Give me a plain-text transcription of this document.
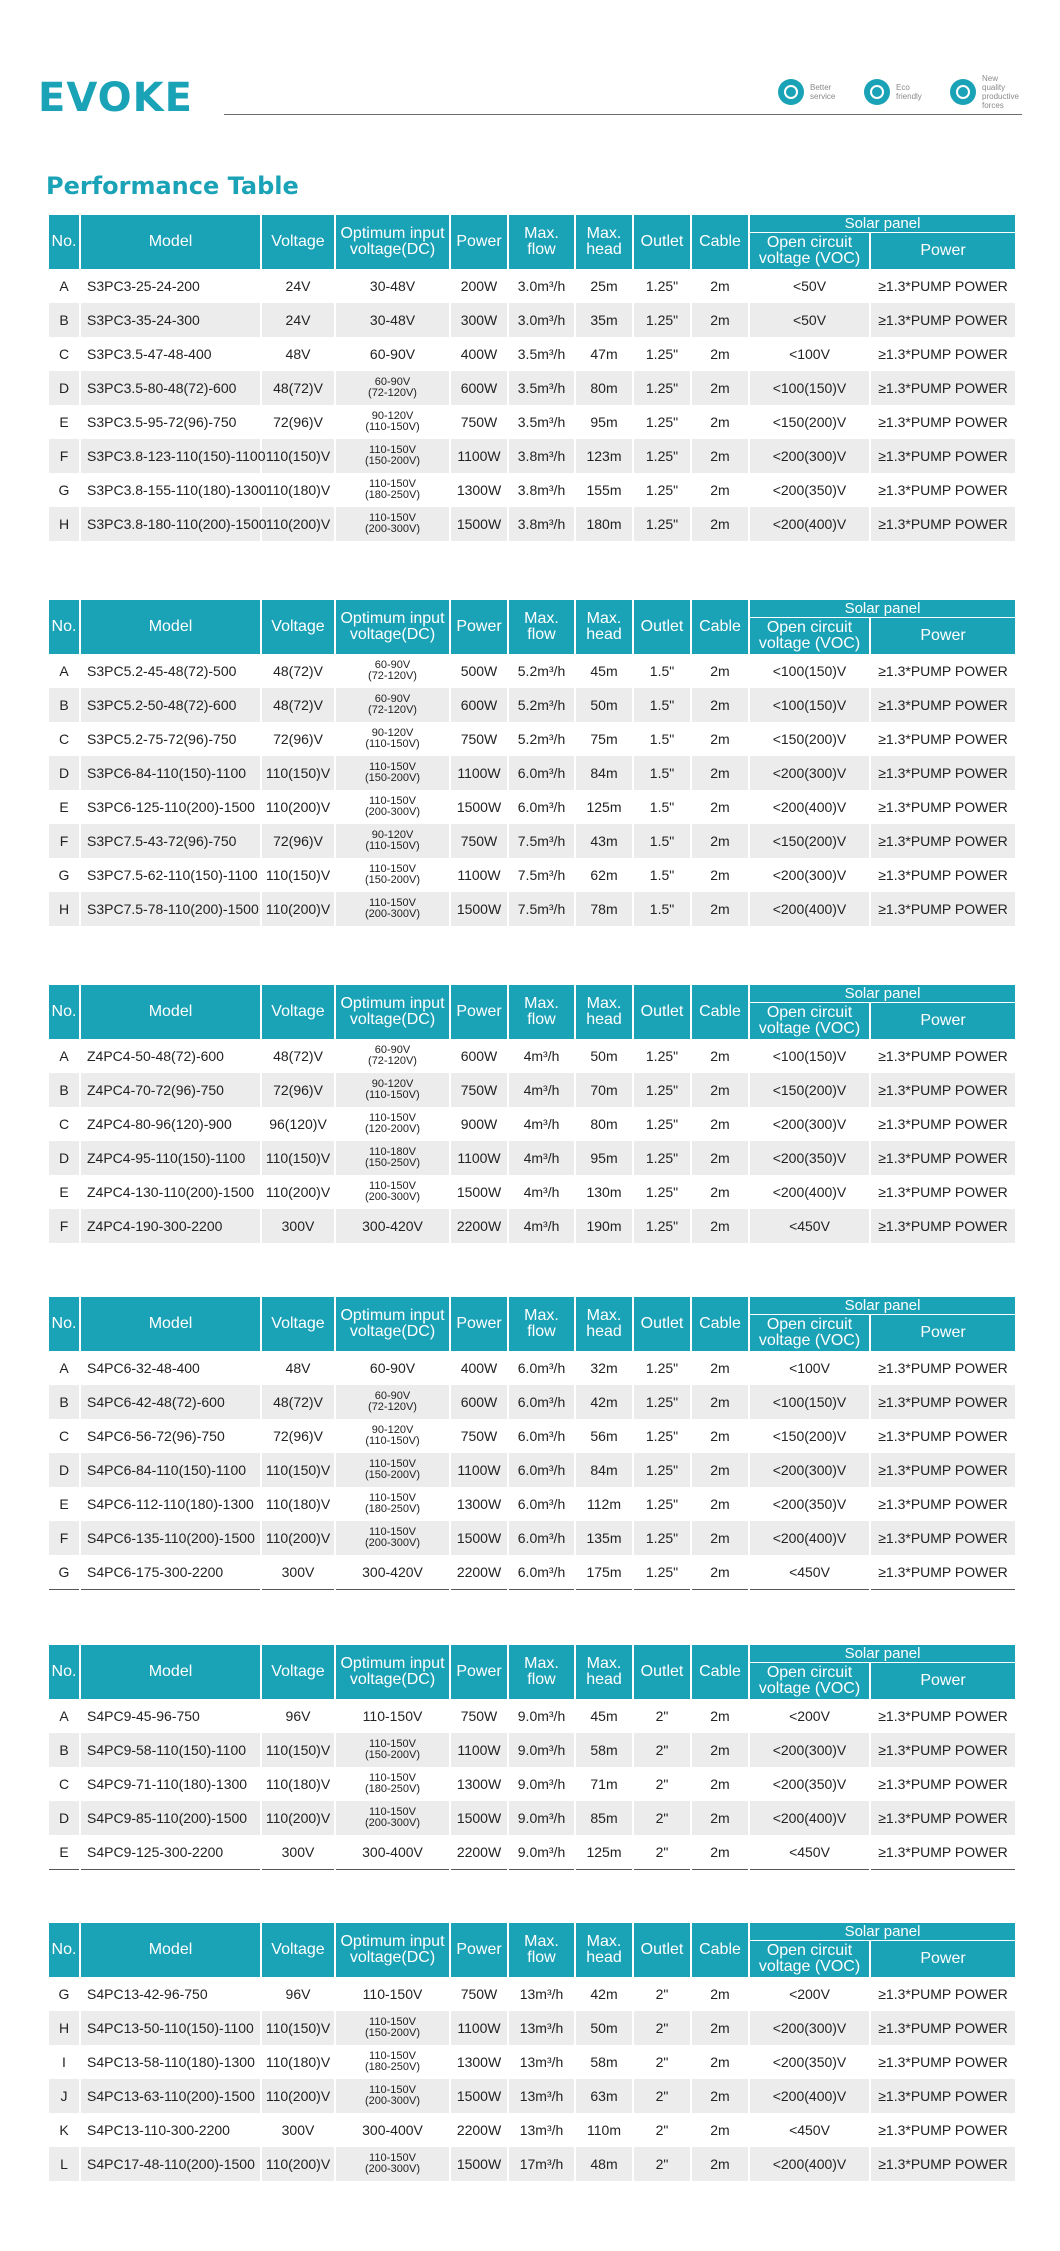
EVOKE	Better
service
Eco
friendly
New quality
productive
forces
Performance Table
No.	Model	Voltage	Optimum input
voltage(DC)	Power	Max.
flow	Max.
head	Outlet	Cable	Solar panel	
									Open circuit
voltage (VOC)	Power
A	S3PC3-25-24-200	24V	30-48V	200W	3.0m³/h	25m	1.25"	2m	<50V	≥1.3*PUMP POWER
B	S3PC3-35-24-300	24V	30-48V	300W	3.0m³/h	35m	1.25"	2m	<50V	≥1.3*PUMP POWER
C	S3PC3.5-47-48-400	48V	60-90V	400W	3.5m³/h	47m	1.25"	2m	<100V	≥1.3*PUMP POWER
D	S3PC3.5-80-48(72)-600	48(72)V	60-90V
(72-120V)	600W	3.5m³/h	80m	1.25"	2m	<100(150)V	≥1.3*PUMP POWER
E	S3PC3.5-95-72(96)-750	72(96)V	90-120V
(110-150V)	750W	3.5m³/h	95m	1.25"	2m	<150(200)V	≥1.3*PUMP POWER
F	S3PC3.8-123-110(150)-1100	110(150)V	110-150V
(150-200V)	1100W	3.8m³/h	123m	1.25"	2m	<200(300)V	≥1.3*PUMP POWER
G	S3PC3.8-155-110(180)-1300	110(180)V	110-150V
(180-250V)	1300W	3.8m³/h	155m	1.25"	2m	<200(350)V	≥1.3*PUMP POWER
H	S3PC3.8-180-110(200)-1500	110(200)V	110-150V
(200-300V)	1500W	3.8m³/h	180m	1.25"	2m	<200(400)V	≥1.3*PUMP POWER
No.	Model	Voltage	Optimum input
voltage(DC)	Power	Max.
flow	Max.
head	Outlet	Cable	Solar panel	
									Open circuit
voltage (VOC)	Power
A	S3PC5.2-45-48(72)-500	48(72)V	60-90V
(72-120V)	500W	5.2m³/h	45m	1.5"	2m	<100(150)V	≥1.3*PUMP POWER
B	S3PC5.2-50-48(72)-600	48(72)V	60-90V
(72-120V)	600W	5.2m³/h	50m	1.5"	2m	<100(150)V	≥1.3*PUMP POWER
C	S3PC5.2-75-72(96)-750	72(96)V	90-120V
(110-150V)	750W	5.2m³/h	75m	1.5"	2m	<150(200)V	≥1.3*PUMP POWER
D	S3PC6-84-110(150)-1100	110(150)V	110-150V
(150-200V)	1100W	6.0m³/h	84m	1.5"	2m	<200(300)V	≥1.3*PUMP POWER
E	S3PC6-125-110(200)-1500	110(200)V	110-150V
(200-300V)	1500W	6.0m³/h	125m	1.5"	2m	<200(400)V	≥1.3*PUMP POWER
F	S3PC7.5-43-72(96)-750	72(96)V	90-120V
(110-150V)	750W	7.5m³/h	43m	1.5"	2m	<150(200)V	≥1.3*PUMP POWER
G	S3PC7.5-62-110(150)-1100	110(150)V	110-150V
(150-200V)	1100W	7.5m³/h	62m	1.5"	2m	<200(300)V	≥1.3*PUMP POWER
H	S3PC7.5-78-110(200)-1500	110(200)V	110-150V
(200-300V)	1500W	7.5m³/h	78m	1.5"	2m	<200(400)V	≥1.3*PUMP POWER
No.	Model	Voltage	Optimum input
voltage(DC)	Power	Max.
flow	Max.
head	Outlet	Cable	Solar panel	
									Open circuit
voltage (VOC)	Power
A	Z4PC4-50-48(72)-600	48(72)V	60-90V
(72-120V)	600W	4m³/h	50m	1.25"	2m	<100(150)V	≥1.3*PUMP POWER
B	Z4PC4-70-72(96)-750	72(96)V	90-120V
(110-150V)	750W	4m³/h	70m	1.25"	2m	<150(200)V	≥1.3*PUMP POWER
C	Z4PC4-80-96(120)-900	96(120)V	110-150V
(120-200V)	900W	4m³/h	80m	1.25"	2m	<200(300)V	≥1.3*PUMP POWER
D	Z4PC4-95-110(150)-1100	110(150)V	110-180V
(150-250V)	1100W	4m³/h	95m	1.25"	2m	<200(350)V	≥1.3*PUMP POWER
E	Z4PC4-130-110(200)-1500	110(200)V	110-150V
(200-300V)	1500W	4m³/h	130m	1.25"	2m	<200(400)V	≥1.3*PUMP POWER
F	Z4PC4-190-300-2200	300V	300-420V	2200W	4m³/h	190m	1.25"	2m	<450V	≥1.3*PUMP POWER
No.	Model	Voltage	Optimum input
voltage(DC)	Power	Max.
flow	Max.
head	Outlet	Cable	Solar panel	
									Open circuit
voltage (VOC)	Power
A	S4PC6-32-48-400	48V	60-90V	400W	6.0m³/h	32m	1.25"	2m	<100V	≥1.3*PUMP POWER
B	S4PC6-42-48(72)-600	48(72)V	60-90V
(72-120V)	600W	6.0m³/h	42m	1.25"	2m	<100(150)V	≥1.3*PUMP POWER
C	S4PC6-56-72(96)-750	72(96)V	90-120V
(110-150V)	750W	6.0m³/h	56m	1.25"	2m	<150(200)V	≥1.3*PUMP POWER
D	S4PC6-84-110(150)-1100	110(150)V	110-150V
(150-200V)	1100W	6.0m³/h	84m	1.25"	2m	<200(300)V	≥1.3*PUMP POWER
E	S4PC6-112-110(180)-1300	110(180)V	110-150V
(180-250V)	1300W	6.0m³/h	112m	1.25"	2m	<200(350)V	≥1.3*PUMP POWER
F	S4PC6-135-110(200)-1500	110(200)V	110-150V
(200-300V)	1500W	6.0m³/h	135m	1.25"	2m	<200(400)V	≥1.3*PUMP POWER
G	S4PC6-175-300-2200	300V	300-420V	2200W	6.0m³/h	175m	1.25"	2m	<450V	≥1.3*PUMP POWER
No.	Model	Voltage	Optimum input
voltage(DC)	Power	Max.
flow	Max.
head	Outlet	Cable	Solar panel	
									Open circuit
voltage (VOC)	Power
A	S4PC9-45-96-750	96V	110-150V	750W	9.0m³/h	45m	2"	2m	<200V	≥1.3*PUMP POWER
B	S4PC9-58-110(150)-1100	110(150)V	110-150V
(150-200V)	1100W	9.0m³/h	58m	2"	2m	<200(300)V	≥1.3*PUMP POWER
C	S4PC9-71-110(180)-1300	110(180)V	110-150V
(180-250V)	1300W	9.0m³/h	71m	2"	2m	<200(350)V	≥1.3*PUMP POWER
D	S4PC9-85-110(200)-1500	110(200)V	110-150V
(200-300V)	1500W	9.0m³/h	85m	2"	2m	<200(400)V	≥1.3*PUMP POWER
E	S4PC9-125-300-2200	300V	300-400V	2200W	9.0m³/h	125m	2"	2m	<450V	≥1.3*PUMP POWER
No.	Model	Voltage	Optimum input
voltage(DC)	Power	Max.
flow	Max.
head	Outlet	Cable	Solar panel	
									Open circuit
voltage (VOC)	Power
G	S4PC13-42-96-750	96V	110-150V	750W	13m³/h	42m	2"	2m	<200V	≥1.3*PUMP POWER
H	S4PC13-50-110(150)-1100	110(150)V	110-150V
(150-200V)	1100W	13m³/h	50m	2"	2m	<200(300)V	≥1.3*PUMP POWER
I	S4PC13-58-110(180)-1300	110(180)V	110-150V
(180-250V)	1300W	13m³/h	58m	2"	2m	<200(350)V	≥1.3*PUMP POWER
J	S4PC13-63-110(200)-1500	110(200)V	110-150V
(200-300V)	1500W	13m³/h	63m	2"	2m	<200(400)V	≥1.3*PUMP POWER
K	S4PC13-110-300-2200	300V	300-400V	2200W	13m³/h	110m	2"	2m	<450V	≥1.3*PUMP POWER
L	S4PC17-48-110(200)-1500	110(200)V	110-150V
(200-300V)	1500W	17m³/h	48m	2"	2m	<200(400)V	≥1.3*PUMP POWER
